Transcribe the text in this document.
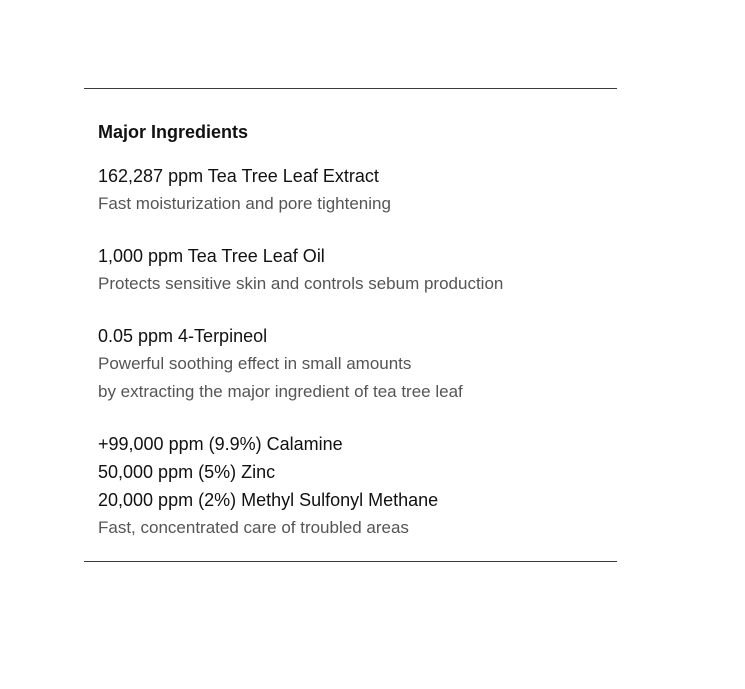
Major Ingredients
162,287 ppm Tea Tree Leaf Extract
Fast moisturization and pore tightening
1,000 ppm Tea Tree Leaf Oil
Protects sensitive skin and controls sebum production
0.05 ppm 4-Terpineol
Powerful soothing effect in small amounts
by extracting the major ingredient of tea tree leaf
+99,000 ppm (9.9%) Calamine
50,000 ppm (5%) Zinc
20,000 ppm (2%) Methyl Sulfonyl Methane
Fast, concentrated care of troubled areas
